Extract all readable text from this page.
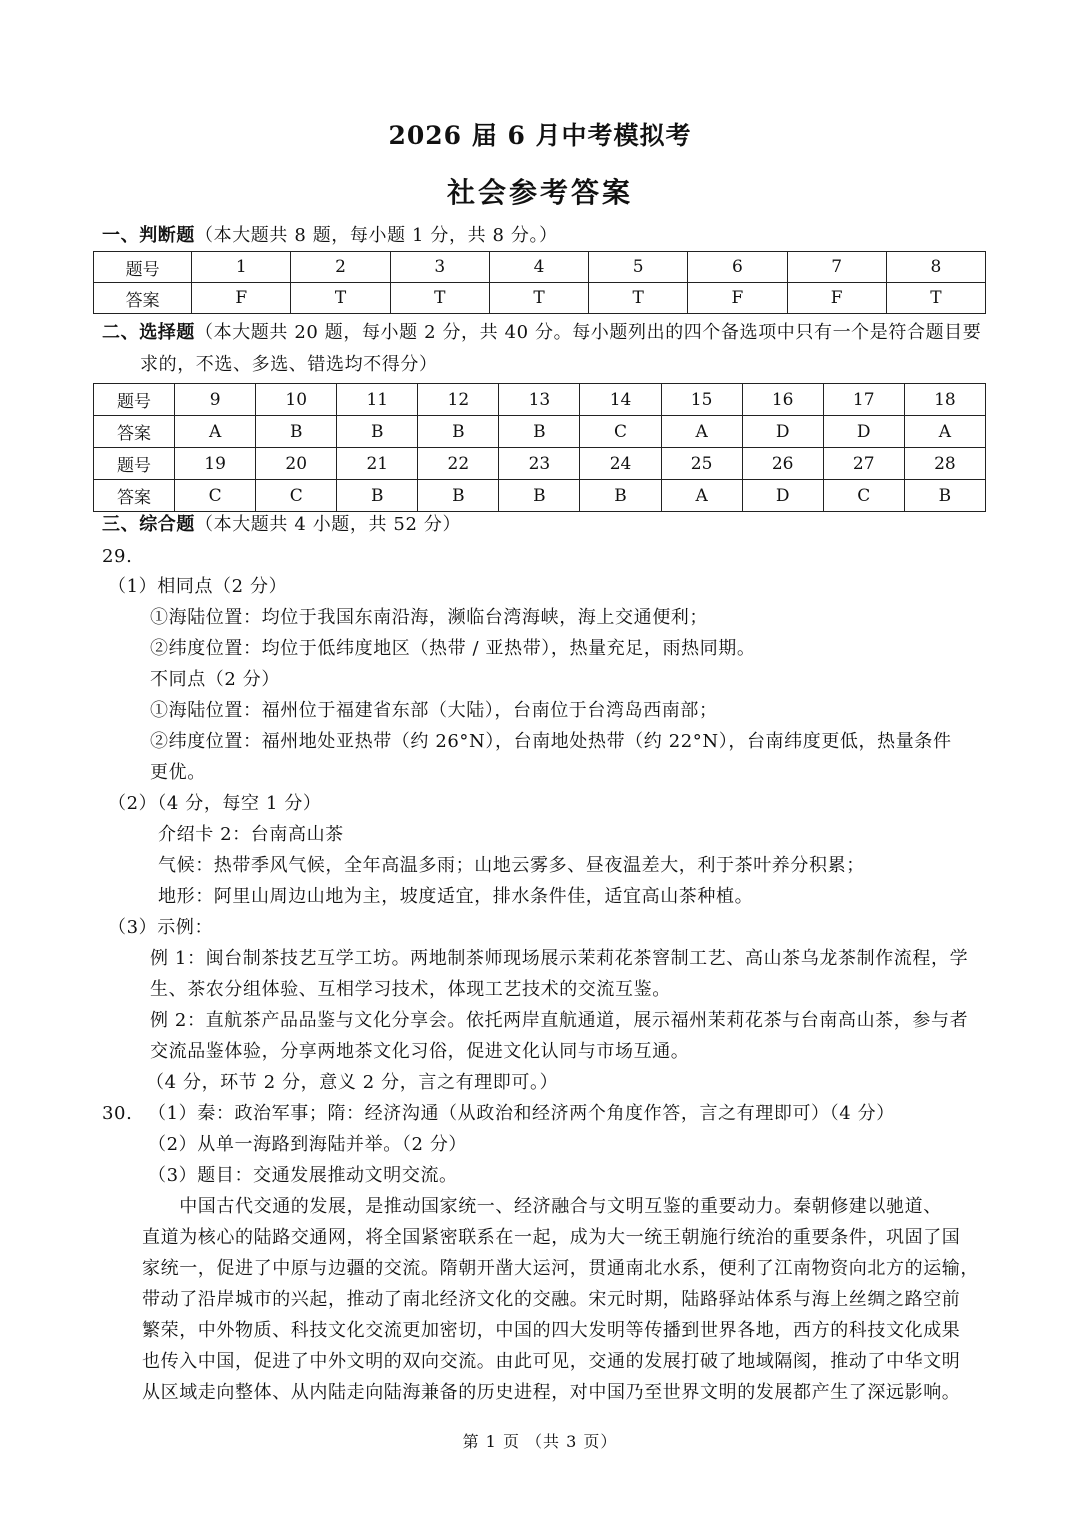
2026 届 6 月中考模拟考
社会参考答案
一、判断题（本大题共 8 题，每小题 1 分，共 8 分。）
题号	1	2	3	4	5	6	7	8
答案	F	T	T	T	T	F	F	T
二、选择题（本大题共 20 题，每小题 2 分，共 40 分。每小题列出的四个备选项中只有一个是符合题目要
求的，不选、多选、错选均不得分）
题号	9	10	11	12	13	14	15	16	17	18
答案	A	B	B	B	B	C	A	D	D	A
题号	19	20	21	22	23	24	25	26	27	28
答案	C	C	B	B	B	B	A	D	C	B
三、综合题（本大题共 4 小题，共 52 分）
29.
（1）相同点（2 分）
①海陆位置：均位于我国东南沿海，濒临台湾海峡，海上交通便利；
②纬度位置：均位于低纬度地区（热带 / 亚热带），热量充足，雨热同期。
不同点（2 分）
①海陆位置：福州位于福建省东部（大陆），台南位于台湾岛西南部；
②纬度位置：福州地处亚热带（约 26°N），台南地处热带（约 22°N），台南纬度更低，热量条件
更优。
（2）（4 分，每空 1 分）
介绍卡 2：台南高山茶
气候：热带季风气候，全年高温多雨；山地云雾多、昼夜温差大，利于茶叶养分积累；
地形：阿里山周边山地为主，坡度适宜，排水条件佳，适宜高山茶种植。
（3）示例：
例 1：闽台制茶技艺互学工坊。两地制茶师现场展示茉莉花茶窨制工艺、高山茶乌龙茶制作流程，学
生、茶农分组体验、互相学习技术，体现工艺技术的交流互鉴。
例 2：直航茶产品品鉴与文化分享会。依托两岸直航通道，展示福州茉莉花茶与台南高山茶，参与者
交流品鉴体验，分享两地茶文化习俗，促进文化认同与市场互通。
（4 分，环节 2 分，意义 2 分，言之有理即可。）
30. （1）秦：政治军事；隋：经济沟通（从政治和经济两个角度作答，言之有理即可）（4 分）
（2）从单一海路到海陆并举。（2 分）
（3）题目：交通发展推动文明交流。
　　中国古代交通的发展，是推动国家统一、经济融合与文明互鉴的重要动力。秦朝修建以驰道、
直道为核心的陆路交通网，将全国紧密联系在一起，成为大一统王朝施行统治的重要条件，巩固了国
家统一，促进了中原与边疆的交流。隋朝开凿大运河，贯通南北水系，便利了江南物资向北方的运输，
带动了沿岸城市的兴起，推动了南北经济文化的交融。宋元时期，陆路驿站体系与海上丝绸之路空前
繁荣，中外物质、科技文化交流更加密切，中国的四大发明等传播到世界各地，西方的科技文化成果
也传入中国，促进了中外文明的双向交流。由此可见，交通的发展打破了地域隔阂，推动了中华文明
从区域走向整体、从内陆走向陆海兼备的历史进程，对中国乃至世界文明的发展都产生了深远影响。
第 1 页 （共 3 页）
